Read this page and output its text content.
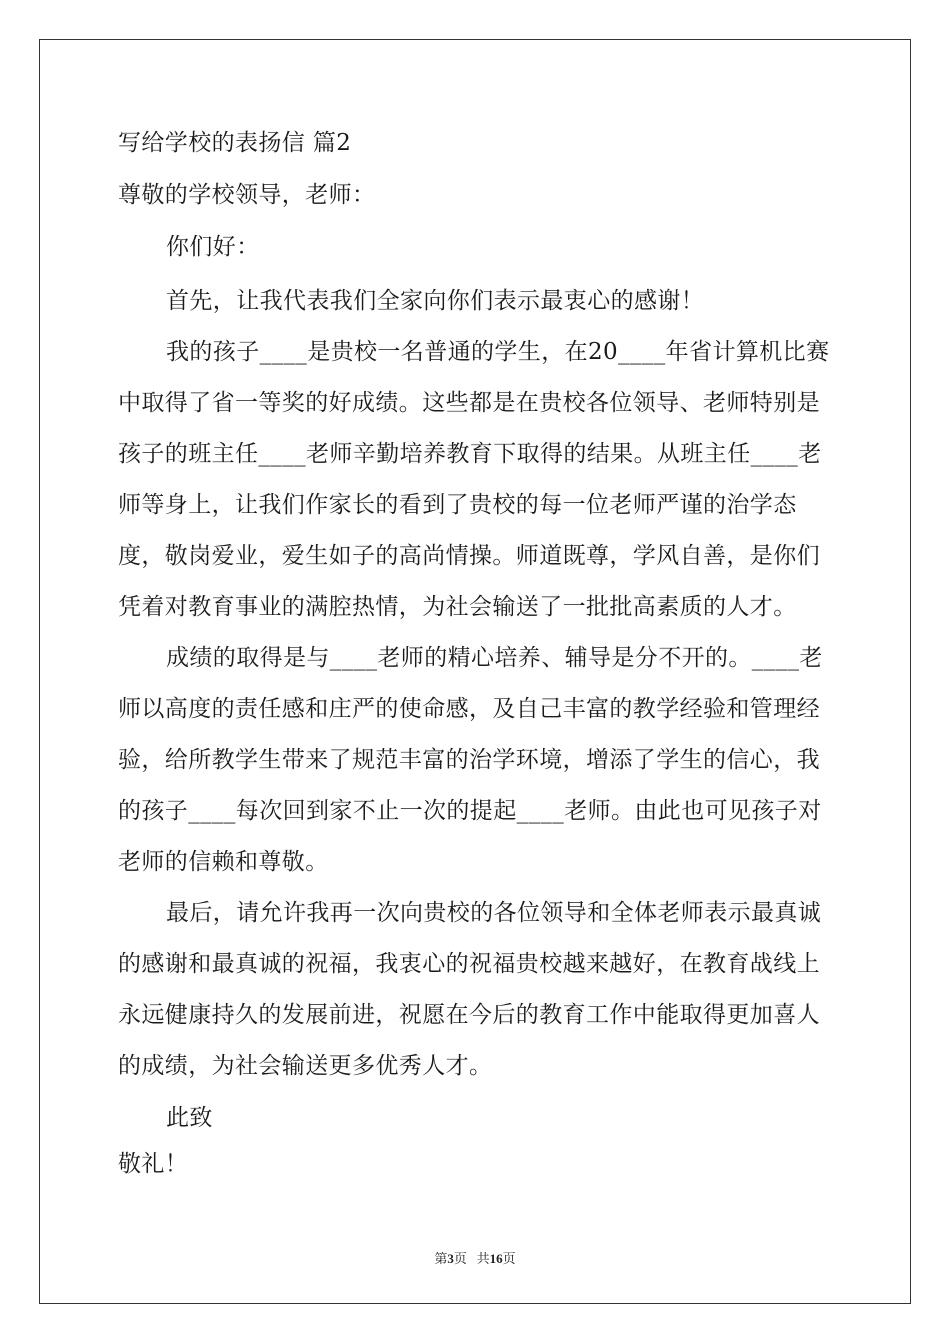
写给学校的表扬信 篇2

尊敬的学校领导，老师：

你们好：

首先，让我代表我们全家向你们表示最衷心的感谢！

我的孩子____是贵校一名普通的学生，在20____年省计算机比赛中取得了省一等奖的好成绩。这些都是在贵校各位领导、老师特别是孩子的班主任____老师辛勤培养教育下取得的结果。从班主任____老师等身上，让我们作家长的看到了贵校的每一位老师严谨的治学态度，敬岗爱业，爱生如子的高尚情操。师道既尊，学风自善，是你们凭着对教育事业的满腔热情，为社会输送了一批批高素质的人才。

成绩的取得是与____老师的精心培养、辅导是分不开的。____老师以高度的责任感和庄严的使命感，及自己丰富的教学经验和管理经验，给所教学生带来了规范丰富的治学环境，增添了学生的信心，我的孩子____每次回到家不止一次的提起____老师。由此也可见孩子对老师的信赖和尊敬。

最后，请允许我再一次向贵校的各位领导和全体老师表示最真诚的感谢和最真诚的祝福，我衷心的祝福贵校越来越好，在教育战线上永远健康持久的发展前进，祝愿在今后的教育工作中能取得更加喜人的成绩，为社会输送更多优秀人才。

此致

敬礼！

第3页 共16页
